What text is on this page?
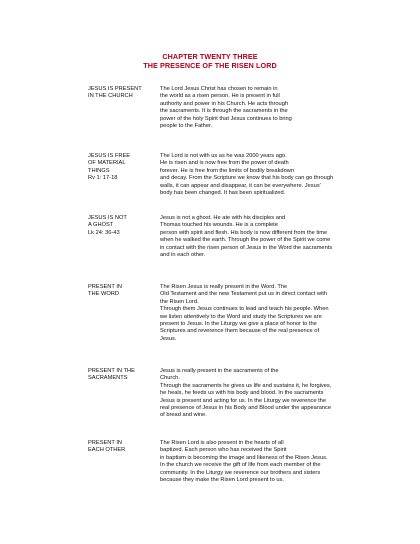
CHAPTER TWENTY THREE
THE PRESENCE OF THE RISEN LORD
JESUS IS PRESENT
IN THE CHURCH
The Lord Jesus Christ has chosen to remain in
the world as a risen person. He is present in full
authority and power in his Church. He acts through
the sacraments. It is through the sacraments in the
power of the holy Spirit that Jesus continues to bring
people to the Father.
JESUS IS FREE
OF MATERIAL
THINGS
Rv 1: 17-18
The Lord is not with us as he was 2000 years ago.
He is risen and is now free from the power of death
forever. He is free from the limits of bodily breakdown
and decay. From the Scripture we know that his body can go through
walls, it can appear and disappear, it can be everywhere. Jesus'
body has been changed. It has been spiritualized.
JESUS IS NOT
A GHOST
Lk 24: 36-43
Jesus is not a ghost. He ate with his disciples and
Thomas touched his wounds. He is a complete
person with spirit and flesh. His body is now different from the time
when he walked the earth. Through the power of the Spirit we come
in contact with the risen person of Jesus in the Word the sacraments
and in each other.
PRESENT IN
THE WORD
The Risen Jesus is really present in the Word. The
Old Testament and the new Testament put us in direct contact with
the Risen Lord.
Through them Jesus continues to lead and teach his people. When
we listen attentively to the Word and study the Scriptures we are
present to Jesus. In the Liturgy we give a place of honor to the
Scriptures and reverence them because of the real presence of
Jesus.
PRESENT IN THE
SACRAMENTS
Jesus is really present in the sacraments of the
Church.
Through the sacraments he gives us life and sustains it, he forgives,
he heals, he feeds us with his body and blood. In the sacraments
Jesus is present and acting for us. In the Liturgy we reverence the
real presence of Jesus in his Body and Blood under the appearance
of bread and wine.
PRESENT IN
EACH OTHER
The Risen Lord is also present in the hearts of all
baptized. Each person who has received the Spirit
in baptism is becoming the image and likeness of the Risen Jesus.
In the church we receive the gift of life from each member of the
community. In the Liturgy we reverence our brothers and sisters
because they make the Risen Lord present to us.
